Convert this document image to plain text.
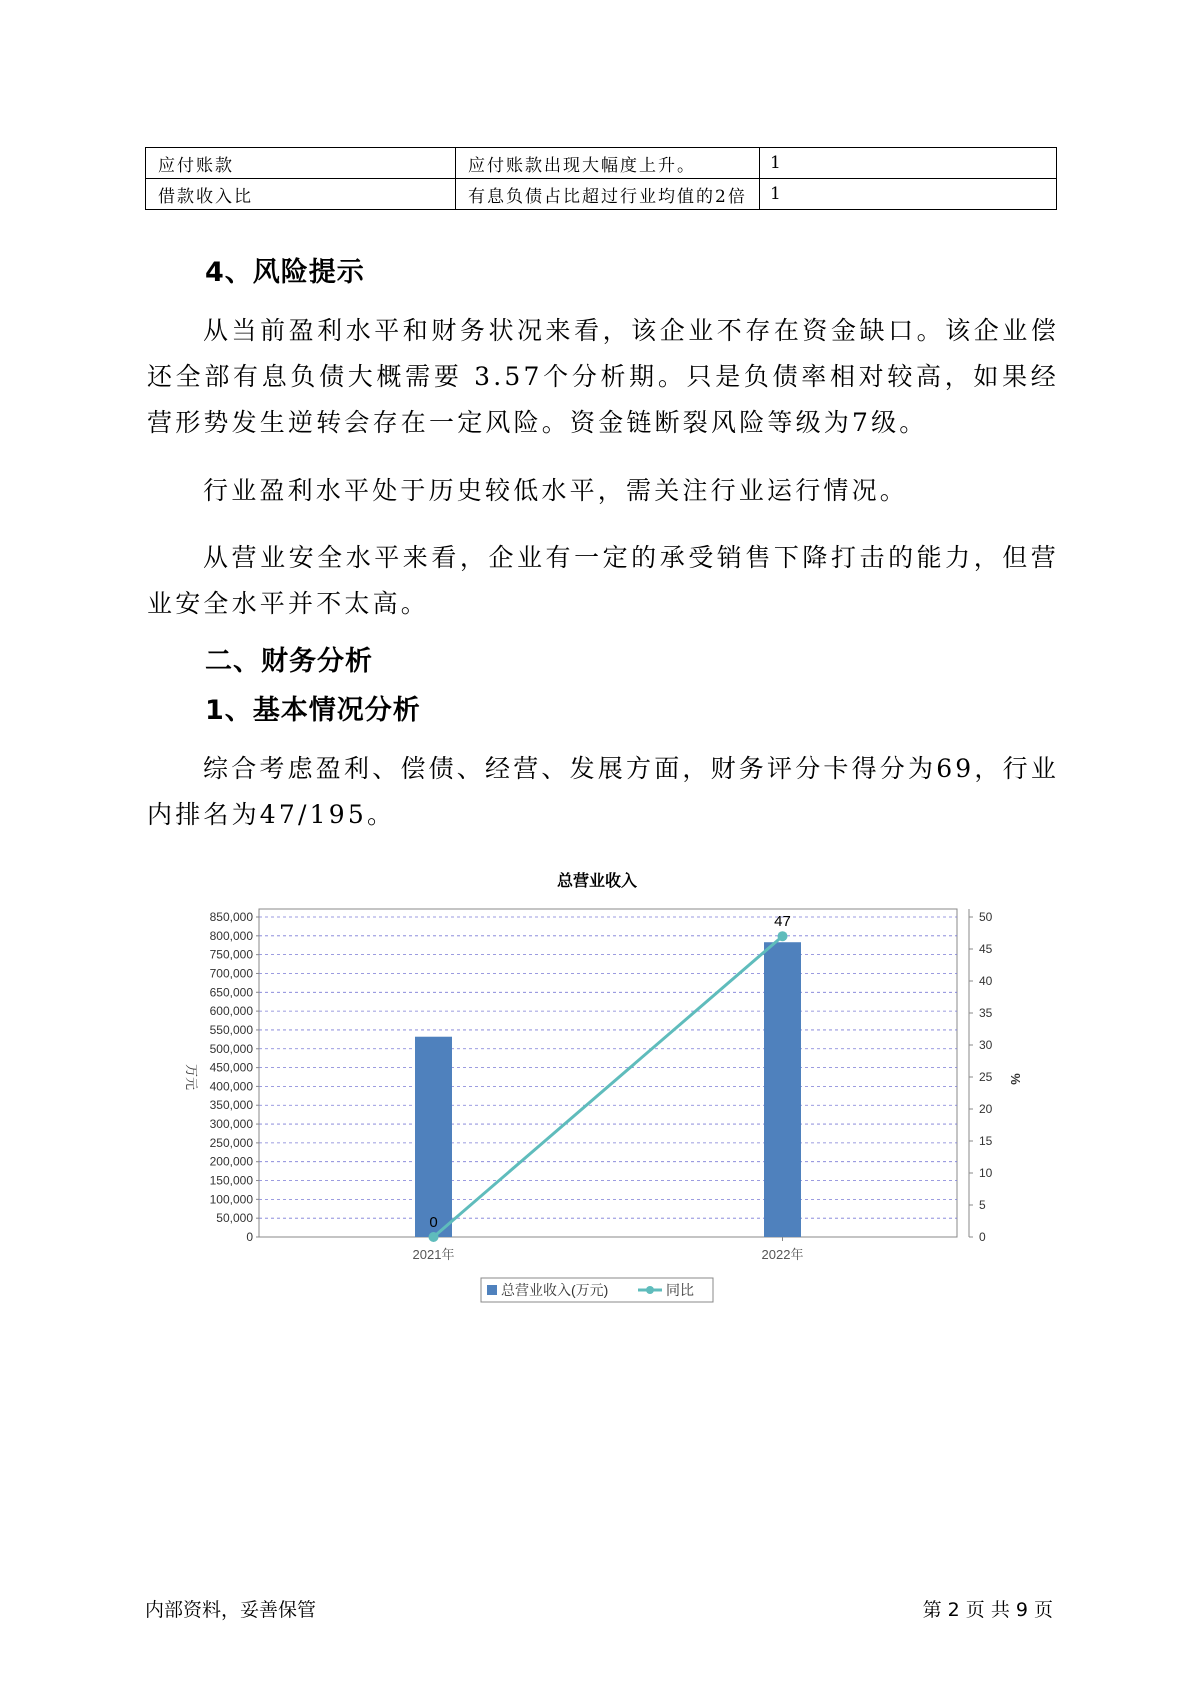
应付账款	应付账款出现大幅度上升。	1
借款收入比	有息负债占比超过行业均值的2倍	1
4、风险提示
从当前盈利水平和财务状况来看，该企业不存在资金缺口。该企业偿还全部有息负债大概需要 3.57个分析期。只是负债率相对较高，如果经营形势发生逆转会存在一定风险。资金链断裂风险等级为7级。
行业盈利水平处于历史较低水平，需关注行业运行情况。
从营业安全水平来看，企业有一定的承受销售下降打击的能力，但营业安全水平并不太高。
二、财务分析
1、基本情况分析
综合考虑盈利、偿债、经营、发展方面，财务评分卡得分为69，行业内排名为47/195。
总营业收入
0
50,000
100,000
150,000
200,000
250,000
300,000
350,000
400,000
450,000
500,000
550,000
600,000
650,000
700,000
750,000
800,000
850,000
0
5
10
15
20
25
30
35
40
45
50
万元	%
2021年	2022年
0
47
总营业收入(万元)	同比
内部资料，妥善保管	第 2 页 共 9 页
